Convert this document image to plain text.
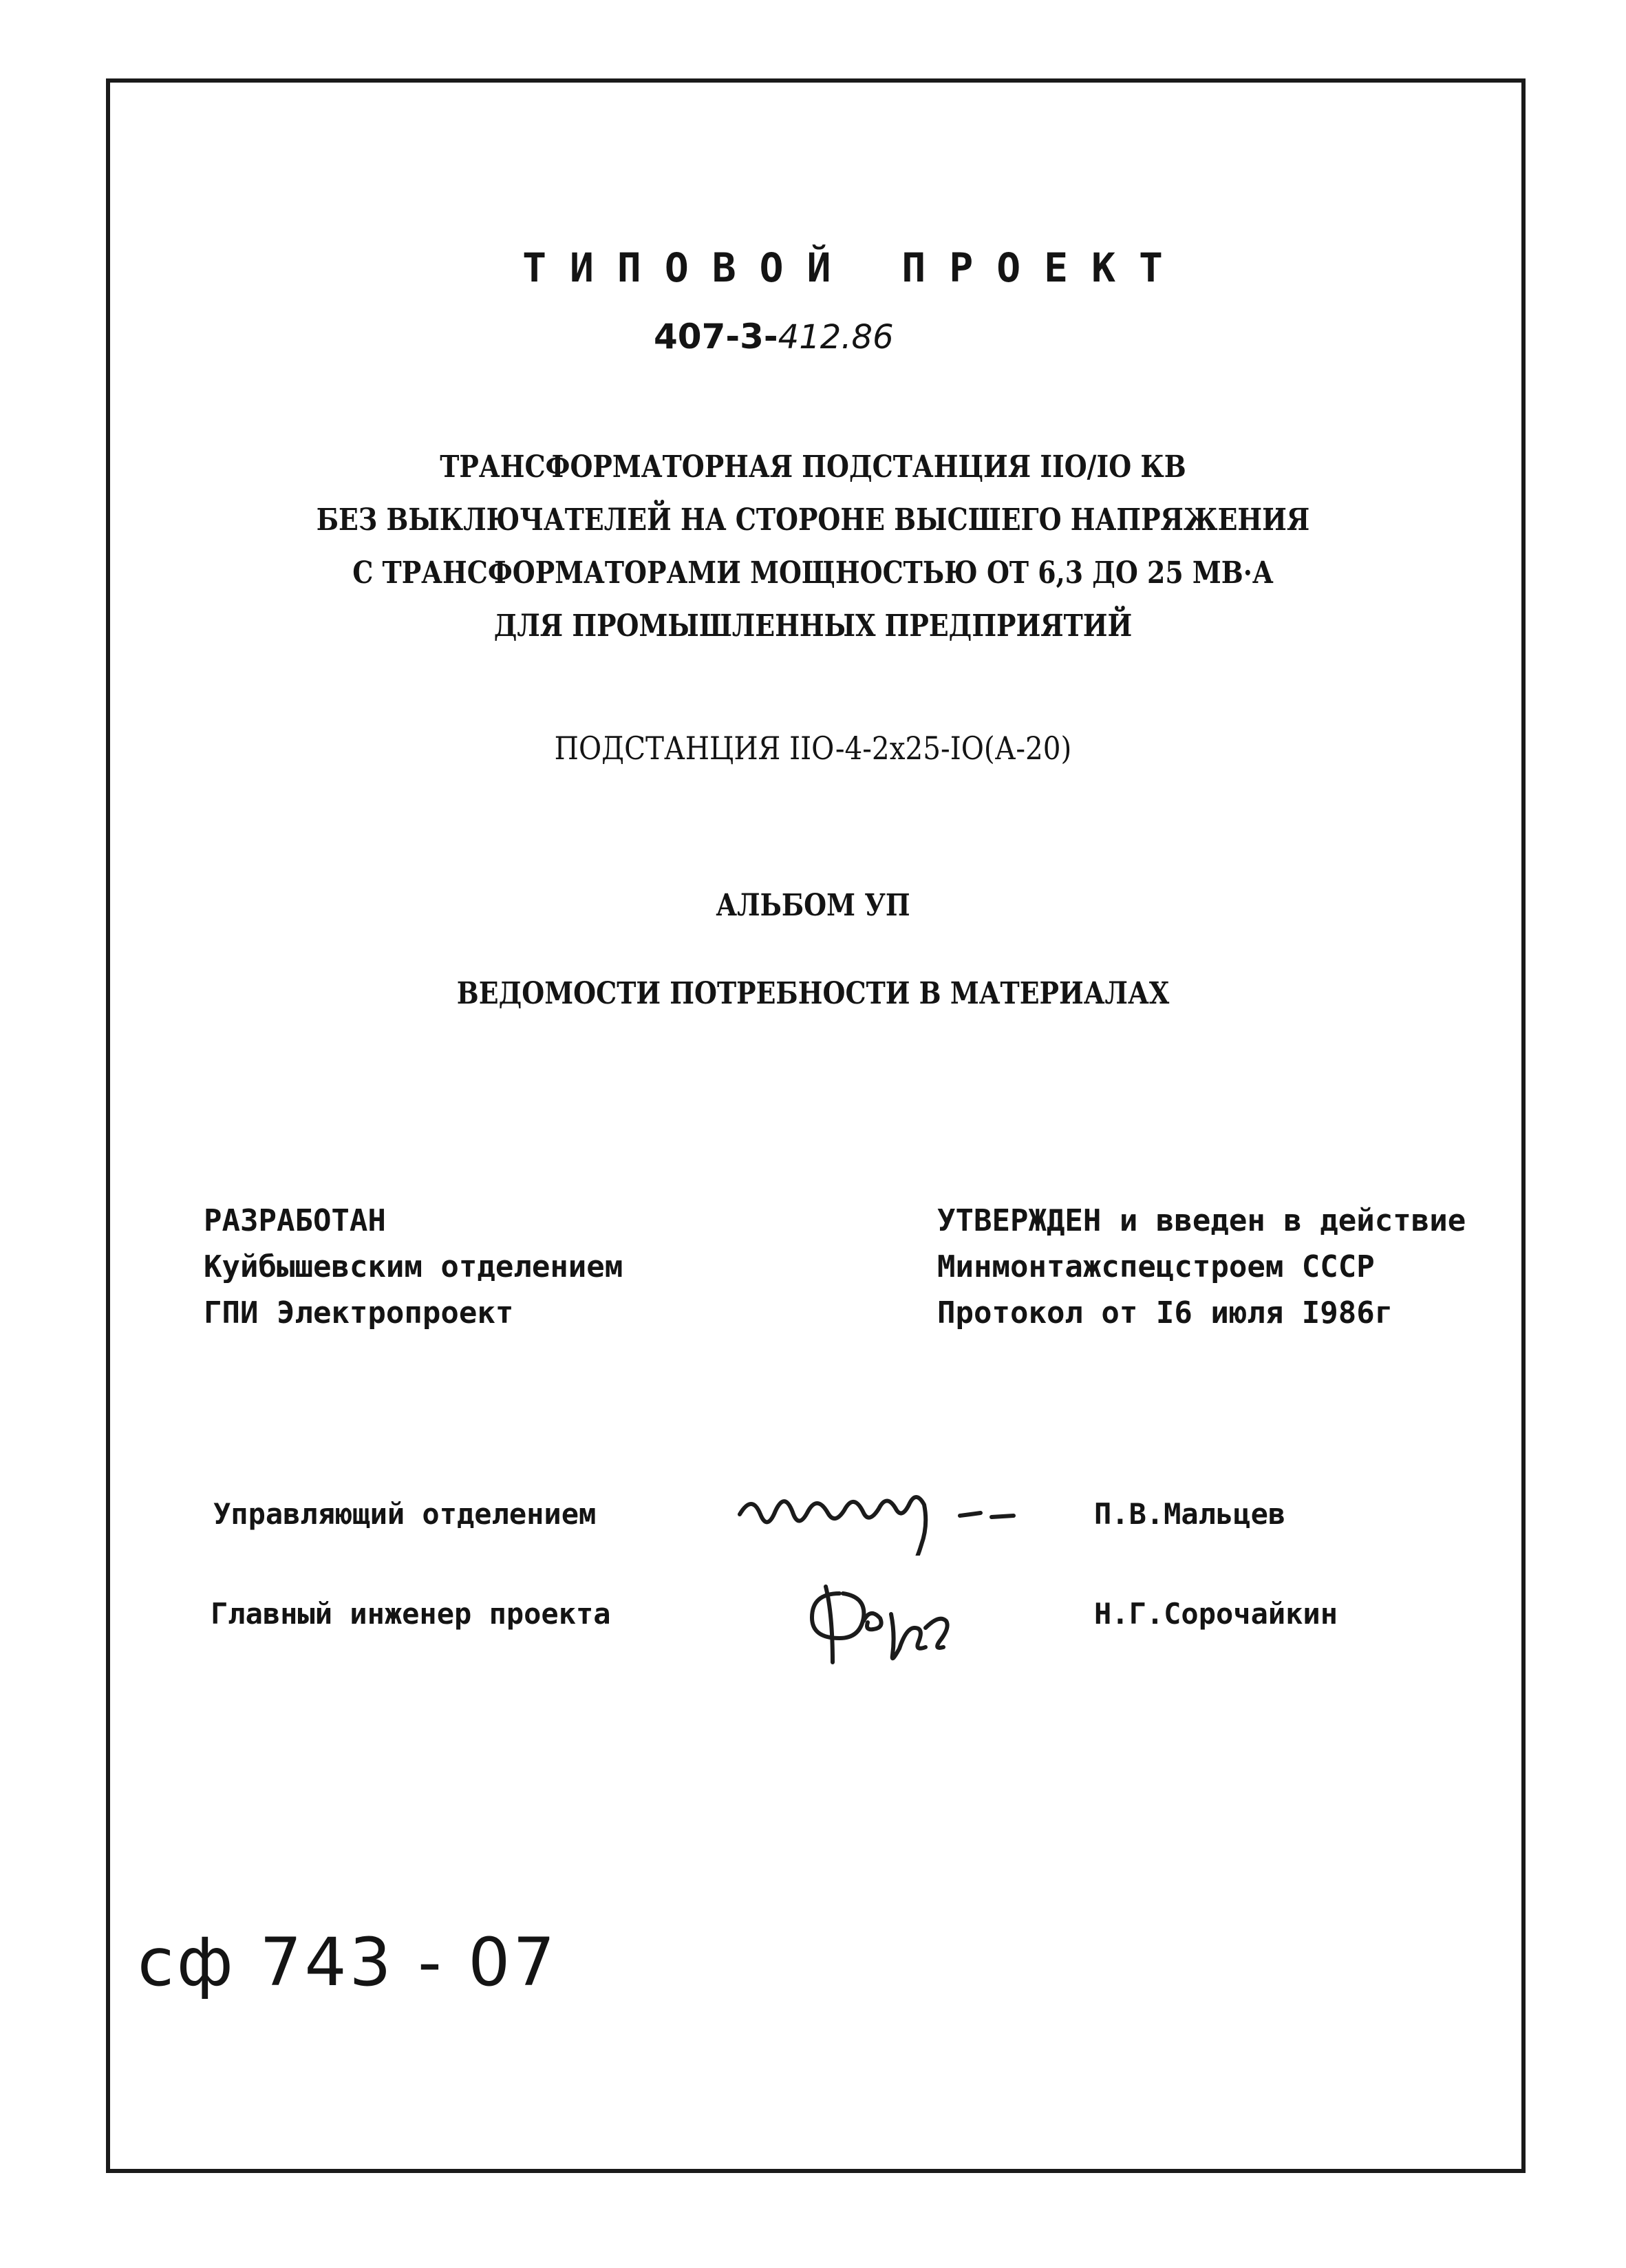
ТИПОВОЙ ПРОЕКТ
407-3-412.86
ТРАНСФОРМАТОРНАЯ ПОДСТАНЦИЯ IIO/IO КВ
БЕЗ ВЫКЛЮЧАТЕЛЕЙ НА СТОРОНЕ ВЫСШЕГО НАПРЯЖЕНИЯ
С ТРАНСФОРМАТОРАМИ МОЩНОСТЬЮ ОТ 6,3 ДО 25 МВ·А
ДЛЯ ПРОМЫШЛЕННЫХ ПРЕДПРИЯТИЙ
ПОДСТАНЦИЯ IIO-4-2х25-IO(А-20)
АЛЬБОМ УП
ВЕДОМОСТИ ПОТРЕБНОСТИ В МАТЕРИАЛАХ
РАЗРАБОТАН
Куйбышевским отделением
ГПИ Электропроект
УТВЕРЖДЕН и введен в действие
Минмонтажспецстроем СССР
Протокол от I6 июля I986г
Управляющий отделением	П.В.Мальцев
Главный инженер проекта	Н.Г.Сорочайкин
сф 743 - 07
